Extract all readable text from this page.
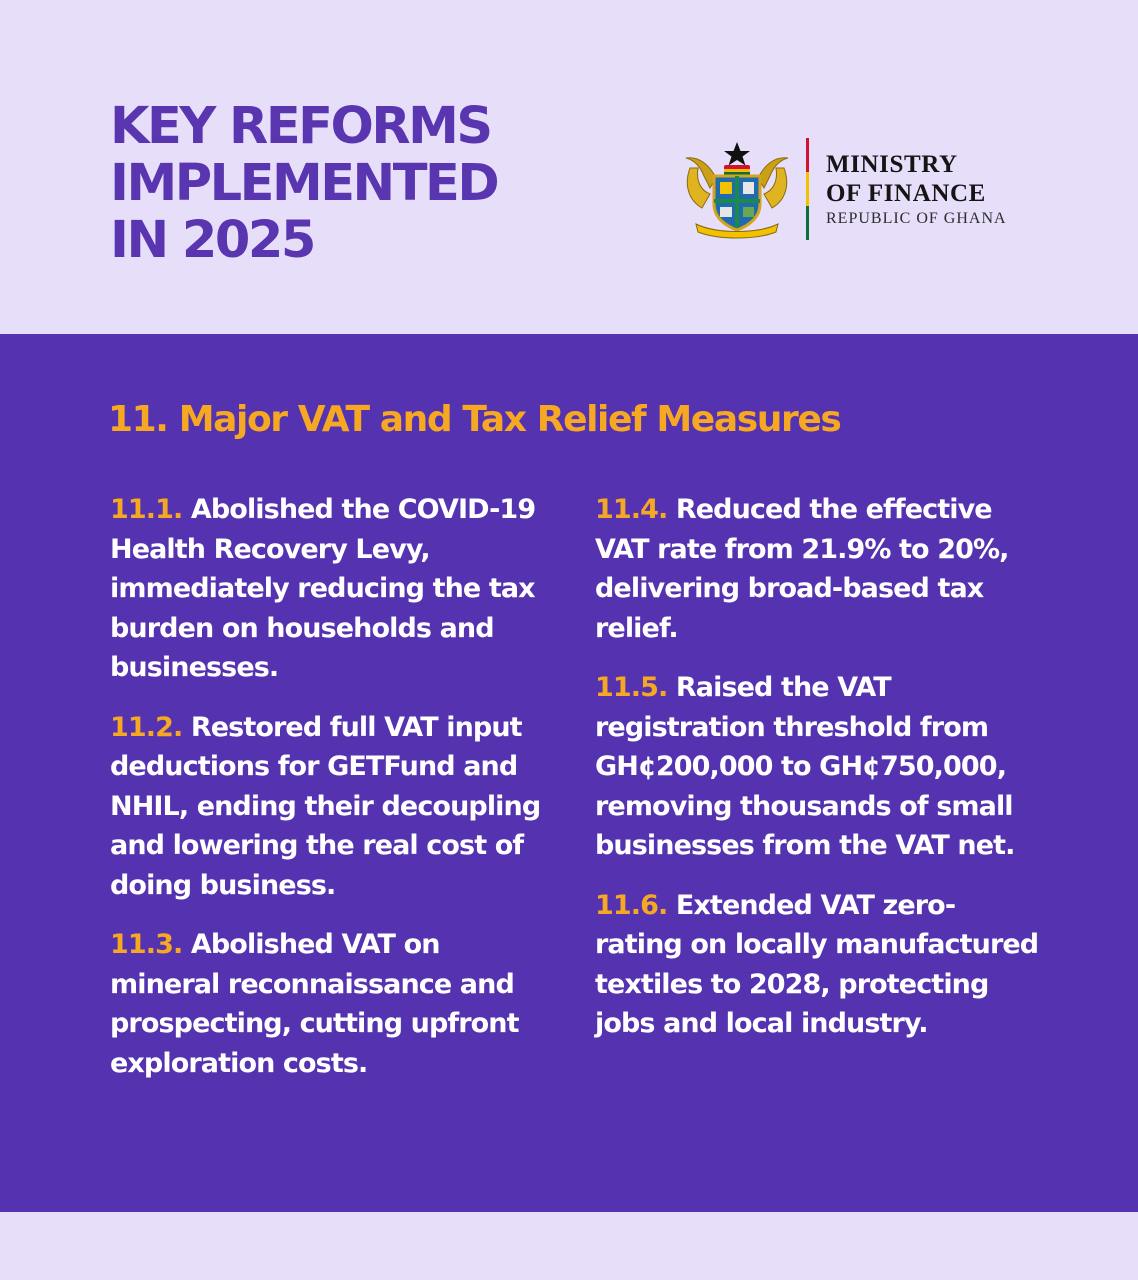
KEY REFORMS
IMPLEMENTED
IN 2025

MINISTRY
OF FINANCE

REPUBLIC OF GHANA

11. Major VAT and Tax Relief Measures

11.1. Abolished the COVID-19 Health Recovery Levy, immediately reducing the tax burden on households and businesses.

11.2. Restored full VAT input deductions for GETFund and NHIL, ending their decoupling and lowering the real cost of doing business.

11.3. Abolished VAT on mineral reconnaissance and prospecting, cutting upfront exploration costs.

11.4. Reduced the effective VAT rate from 21.9% to 20%, delivering broad-based tax relief.

11.5. Raised the VAT registration threshold from GH¢200,000 to GH¢750,000, removing thousands of small businesses from the VAT net.

11.6. Extended VAT zero-rating on locally manufactured textiles to 2028, protecting jobs and local industry.
